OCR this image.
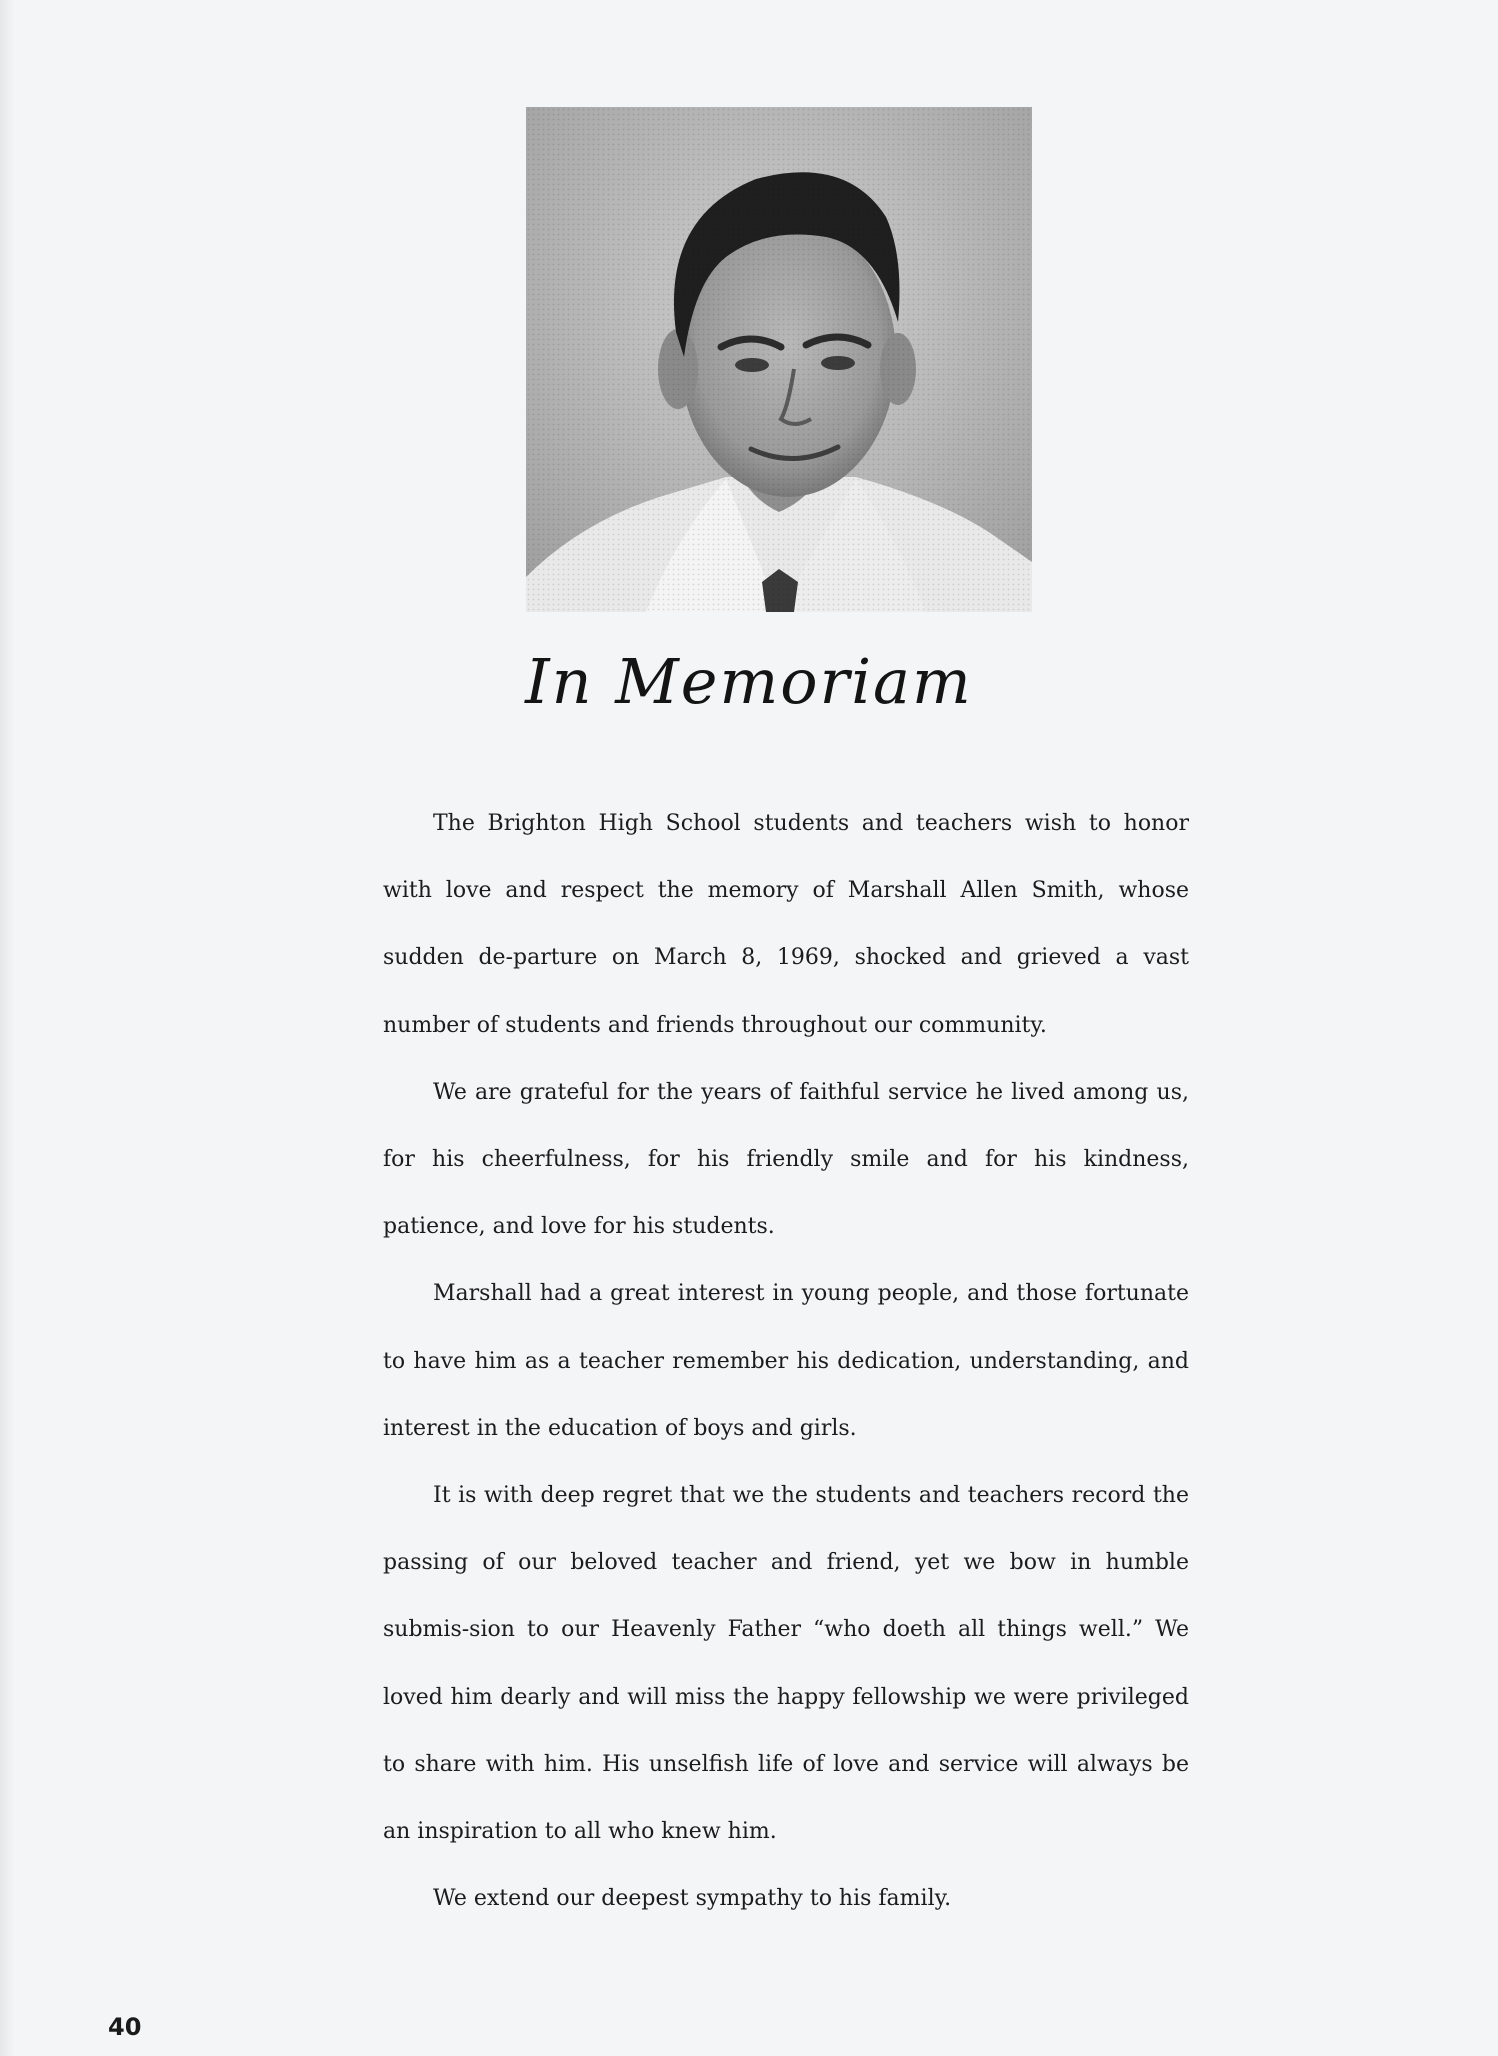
In Memoriam

The Brighton High School students and teachers wish to honor with love and respect the memory of Marshall Allen Smith, whose sudden de-parture on March 8, 1969, shocked and grieved a vast number of students and friends throughout our community.

We are grateful for the years of faithful service he lived among us, for his cheerfulness, for his friendly smile and for his kindness, patience, and love for his students.

Marshall had a great interest in young people, and those fortunate to have him as a teacher remember his dedication, understanding, and interest in the education of boys and girls.

It is with deep regret that we the students and teachers record the passing of our beloved teacher and friend, yet we bow in humble submis-sion to our Heavenly Father “who doeth all things well.” We loved him dearly and will miss the happy fellowship we were privileged to share with him. His unselfish life of love and service will always be an inspiration to all who knew him.

We extend our deepest sympathy to his family.

40
